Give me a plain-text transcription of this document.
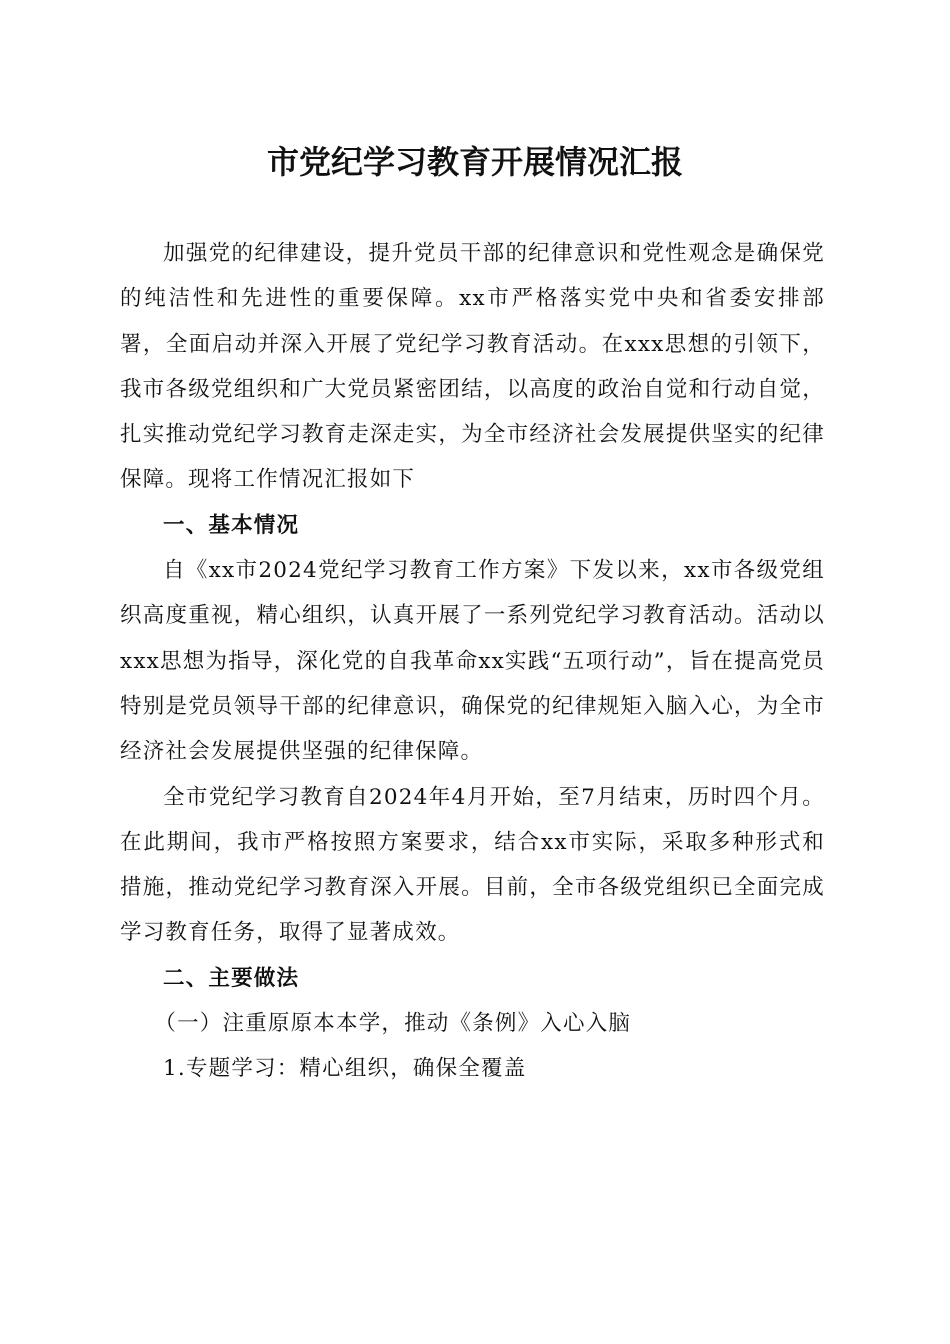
市党纪学习教育开展情况汇报

加强党的纪律建设，提升党员干部的纪律意识和党性观念是确保党的纯洁性和先进性的重要保障。xx市严格落实党中央和省委安排部署，全面启动并深入开展了党纪学习教育活动。在xxx思想的引领下，我市各级党组织和广大党员紧密团结，以高度的政治自觉和行动自觉，扎实推动党纪学习教育走深走实，为全市经济社会发展提供坚实的纪律保障。现将工作情况汇报如下

一、基本情况

自《xx市2024党纪学习教育工作方案》下发以来，xx市各级党组织高度重视，精心组织，认真开展了一系列党纪学习教育活动。活动以xxx思想为指导，深化党的自我革命xx实践“五项行动”，旨在提高党员特别是党员领导干部的纪律意识，确保党的纪律规矩入脑入心，为全市经济社会发展提供坚强的纪律保障。

全市党纪学习教育自2024年4月开始，至7月结束，历时四个月。在此期间，我市严格按照方案要求，结合xx市实际，采取多种形式和措施，推动党纪学习教育深入开展。目前，全市各级党组织已全面完成学习教育任务，取得了显著成效。

二、主要做法

（一）注重原原本本学，推动《条例》入心入脑

1.专题学习：精心组织，确保全覆盖
